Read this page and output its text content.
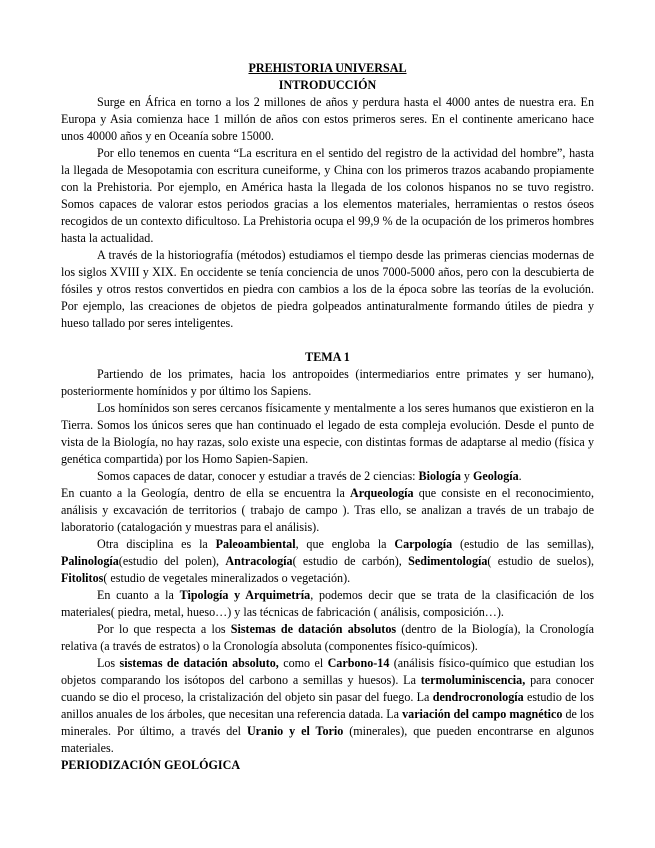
PREHISTORIA UNIVERSAL

INTRODUCCIÓN

Surge en África en torno a los 2 millones de años y perdura hasta el 4000 antes de nuestra era. En Europa y Asia comienza hace 1 millón de años con estos primeros seres. En el continente americano hace unos 40000 años y en Oceanía sobre 15000.

Por ello tenemos en cuenta “La escritura en el sentido del registro de la actividad del hombre”, hasta la llegada de Mesopotamia con escritura cuneiforme, y China con los primeros trazos acabando propiamente con la Prehistoria. Por ejemplo, en América hasta la llegada de los colonos hispanos no se tuvo registro. Somos capaces de valorar estos periodos gracias a los elementos materiales, herramientas o restos óseos recogidos de un contexto dificultoso. La Prehistoria ocupa el 99,9 % de la ocupación de los primeros hombres hasta la actualidad.

A través de la historiografía (métodos) estudiamos el tiempo desde las primeras ciencias modernas de los siglos XVIII y XIX. En occidente se tenía conciencia de unos 7000-5000 años, pero con la descubierta de fósiles y otros restos convertidos en piedra con cambios a los de la época sobre las teorías de la evolución. Por ejemplo, las creaciones de objetos de piedra golpeados antinaturalmente formando útiles de piedra y hueso tallado por seres inteligentes.

TEMA 1

Partiendo de los primates, hacia los antropoides (intermediarios entre primates y ser humano), posteriormente homínidos y por último los Sapiens.

Los homínidos son seres cercanos físicamente y mentalmente a los seres humanos que existieron en la Tierra. Somos los únicos seres que han continuado el legado de esta compleja evolución. Desde el punto de vista de la Biología, no hay razas, solo existe una especie, con distintas formas de adaptarse al medio (física y genética compartida) por los Homo Sapien-Sapien.

Somos capaces de datar, conocer y estudiar a través de 2 ciencias: Biología y Geología.

En cuanto a la Geología, dentro de ella se encuentra la Arqueología que consiste en el reconocimiento, análisis y excavación de territorios ( trabajo de campo ). Tras ello, se analizan a través de un trabajo de laboratorio (catalogación y muestras para el análisis).

Otra disciplina es la Paleoambiental, que engloba la Carpología (estudio de las semillas), Palinología(estudio del polen), Antracología( estudio de carbón), Sedimentología( estudio de suelos), Fitolitos( estudio de vegetales mineralizados o vegetación).

En cuanto a la Tipología y Arquimetría, podemos decir que se trata de la clasificación de los materiales( piedra, metal, hueso…) y las técnicas de fabricación ( análisis, composición…).

Por lo que respecta a los Sistemas de datación absolutos (dentro de la Biología), la Cronología relativa (a través de estratos) o la Cronología absoluta (componentes físico-químicos).

Los sistemas de datación absoluto, como el Carbono-14 (análisis físico-químico que estudian los objetos comparando los isótopos del carbono a semillas y huesos). La termoluminiscencia, para conocer cuando se dio el proceso, la cristalización del objeto sin pasar del fuego. La dendrocronología estudio de los anillos anuales de los árboles, que necesitan una referencia datada. La variación del campo magnético de los minerales. Por último, a través del Uranio y el Torio (minerales), que pueden encontrarse en algunos materiales.

PERIODIZACIÓN GEOLÓGICA
